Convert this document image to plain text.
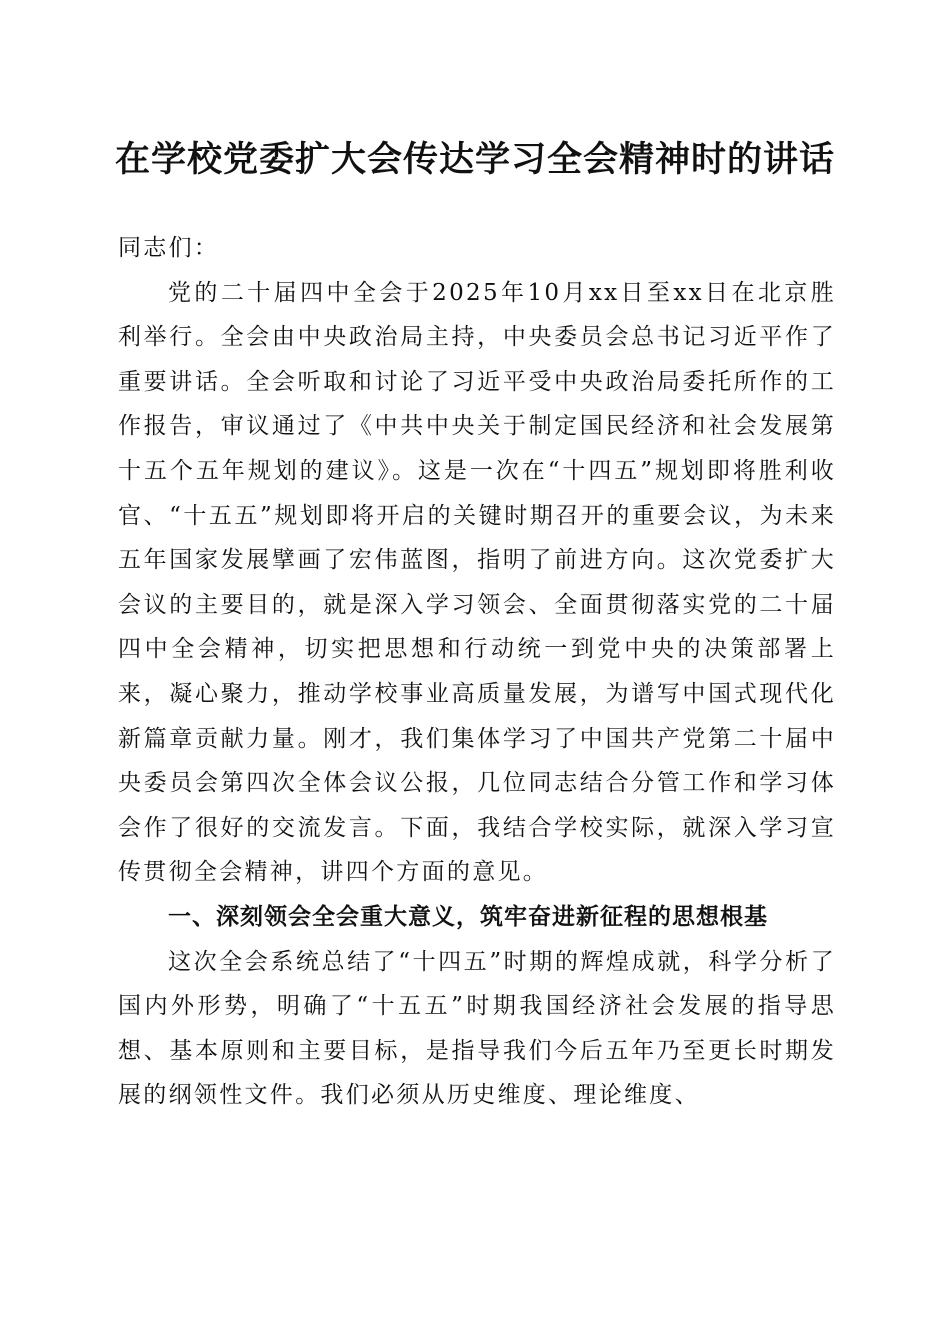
在学校党委扩大会传达学习全会精神时的讲话

同志们：

党的二十届四中全会于2025年10月xx日至xx日在北京胜利举行。全会由中央政治局主持，中央委员会总书记习近平作了重要讲话。全会听取和讨论了习近平受中央政治局委托所作的工作报告，审议通过了《中共中央关于制定国民经济和社会发展第十五个五年规划的建议》。这是一次在“十四五”规划即将胜利收官、“十五五”规划即将开启的关键时期召开的重要会议，为未来五年国家发展擘画了宏伟蓝图，指明了前进方向。这次党委扩大会议的主要目的，就是深入学习领会、全面贯彻落实党的二十届四中全会精神，切实把思想和行动统一到党中央的决策部署上来，凝心聚力，推动学校事业高质量发展，为谱写中国式现代化新篇章贡献力量。刚才，我们集体学习了中国共产党第二十届中央委员会第四次全体会议公报，几位同志结合分管工作和学习体会作了很好的交流发言。下面，我结合学校实际，就深入学习宣传贯彻全会精神，讲四个方面的意见。

一、深刻领会全会重大意义，筑牢奋进新征程的思想根基

这次全会系统总结了“十四五”时期的辉煌成就，科学分析了国内外形势，明确了“十五五”时期我国经济社会发展的指导思想、基本原则和主要目标，是指导我们今后五年乃至更长时期发展的纲领性文件。我们必须从历史维度、理论维度、
